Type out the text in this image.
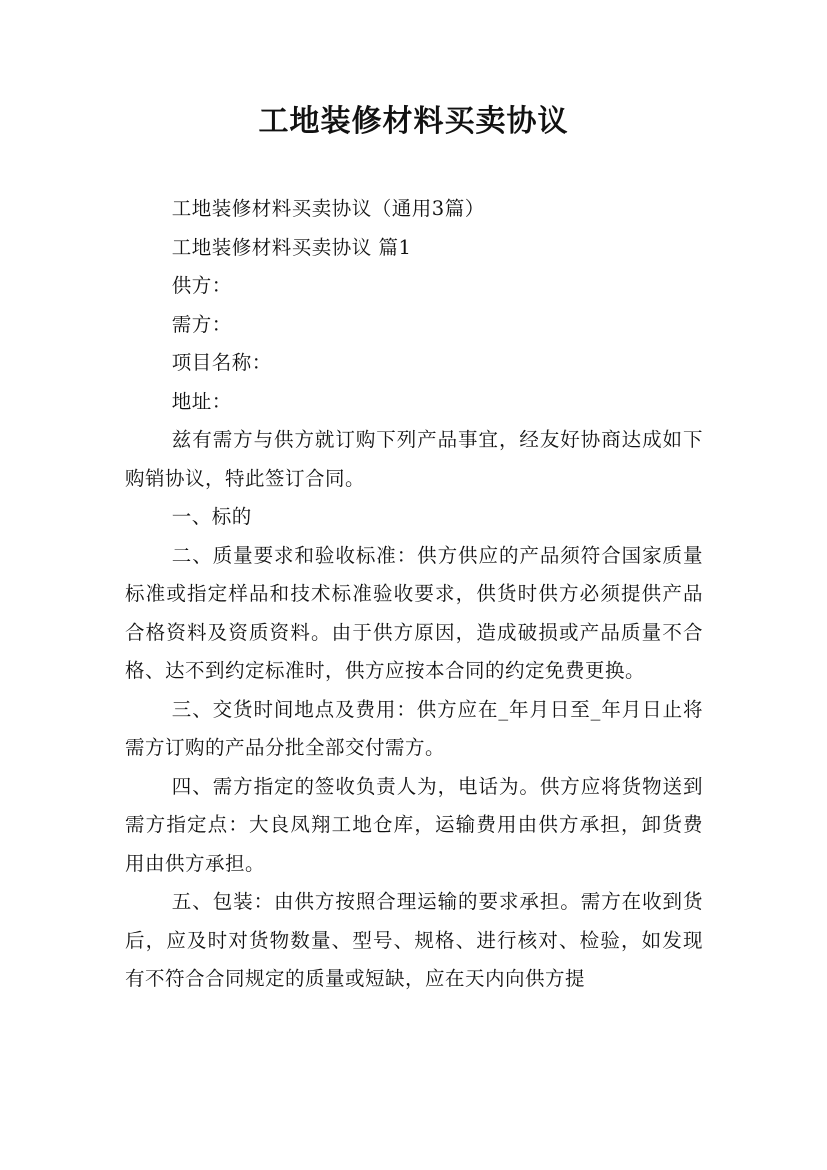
工地装修材料买卖协议

工地装修材料买卖协议（通用3篇）

工地装修材料买卖协议 篇1

供方：

需方：

项目名称：

地址：

兹有需方与供方就订购下列产品事宜，经友好协商达成如下购销协议，特此签订合同。

一、标的

二、质量要求和验收标准：供方供应的产品须符合国家质量标准或指定样品和技术标准验收要求，供货时供方必须提供产品合格资料及资质资料。由于供方原因，造成破损或产品质量不合格、达不到约定标准时，供方应按本合同的约定免费更换。

三、交货时间地点及费用：供方应在_年月日至_年月日止将需方订购的产品分批全部交付需方。

四、需方指定的签收负责人为，电话为。供方应将货物送到需方指定点：大良凤翔工地仓库，运输费用由供方承担，卸货费用由供方承担。

五、包装：由供方按照合理运输的要求承担。需方在收到货后，应及时对货物数量、型号、规格、进行核对、检验，如发现有不符合合同规定的质量或短缺，应在天内向供方提
